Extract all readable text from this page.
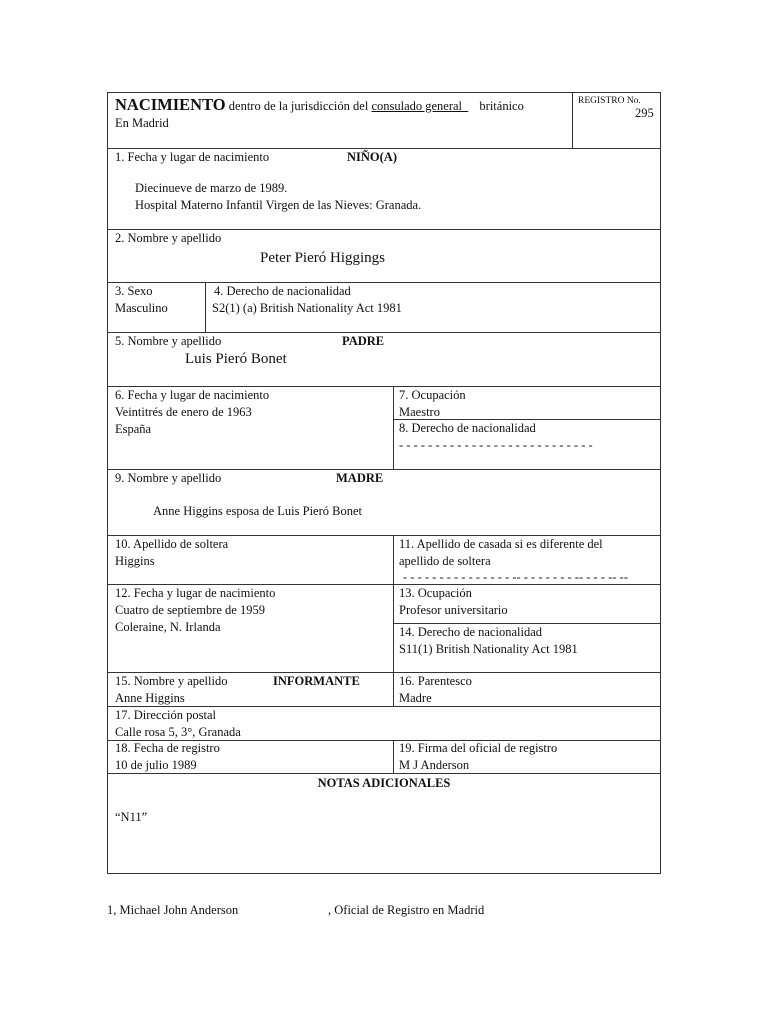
NACIMIENTO dentro de la jurisdicción del consulado general británico
En Madrid
REGISTRO No.
295
1. Fecha y lugar de nacimiento	NIÑO(A)
Diecinueve de marzo de 1989.
Hospital Materno Infantil Virgen de las Nieves: Granada.
2. Nombre y apellido
Peter Pieró Higgings
3. Sexo
Masculino
4. Derecho de nacionalidad
S2(1) (a) British Nationality Act 1981
5. Nombre y apellido	PADRE
Luis Pieró Bonet
6. Fecha y lugar de nacimiento
Veintitrés de enero de 1963
España
7. Ocupación
Maestro
8. Derecho de nacionalidad
- - - - - - - - - - - - - - - - - - - - - - - - - - -
9. Nombre y apellido	MADRE
Anne Higgins esposa de Luis Pieró Bonet
10. Apellido de soltera
Higgins
11. Apellido de casada si es diferente del
apellido de soltera
- - - - - - - - - - - - - - - -- - - - - - - - -- - - - -- --
12. Fecha y lugar de nacimiento
Cuatro de septiembre de 1959
Coleraine, N. Irlanda
13. Ocupación
Profesor universitario
14. Derecho de nacionalidad
S11(1) British Nationality Act 1981
15. Nombre y apellido	INFORMANTE
Anne Higgins
16. Parentesco
Madre
17. Dirección postal
Calle rosa 5, 3°, Granada
18. Fecha de registro
10 de julio 1989
19. Firma del oficial de registro
M J Anderson
NOTAS ADICIONALES
“N11”
1, Michael John Anderson	, Oficial de Registro en Madrid
